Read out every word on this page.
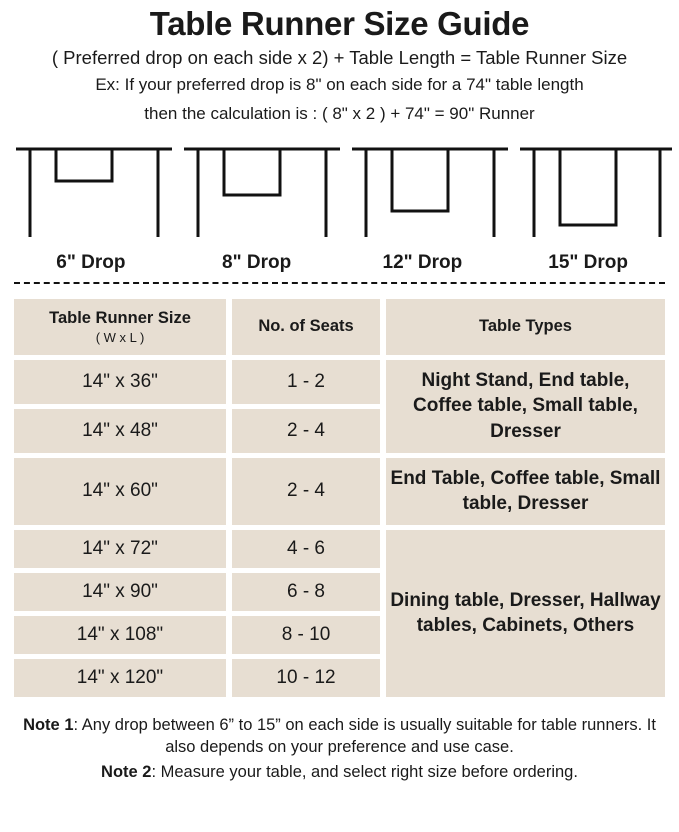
Table Runner Size Guide
( Preferred drop on each side x 2) + Table Length = Table Runner Size
Ex: If your preferred drop is 8" on each side for a 74" table length
then the calculation is : ( 8" x 2 ) + 74" = 90" Runner
6" Drop	8" Drop	12" Drop	15" Drop
Table Runner Size
( W x L )	No. of Seats	Table Types
14" x 36"	1 - 2	Night Stand, End table, Coffee table, Small table, Dresser
14" x 48"	2 - 4	
14" x 60"	2 - 4	End Table, Coffee table, Small table, Dresser
14" x 72"	4 - 6	Dining table, Dresser, Hallway tables, Cabinets, Others
14" x 90"	6 - 8	
14" x 108"	8 - 10	
14" x 120"	10 - 12	
Note 1: Any drop between 6” to 15” on each side is usually suitable for table runners. It also depends on your preference and use case.
Note 2: Measure your table, and select right size before ordering.
